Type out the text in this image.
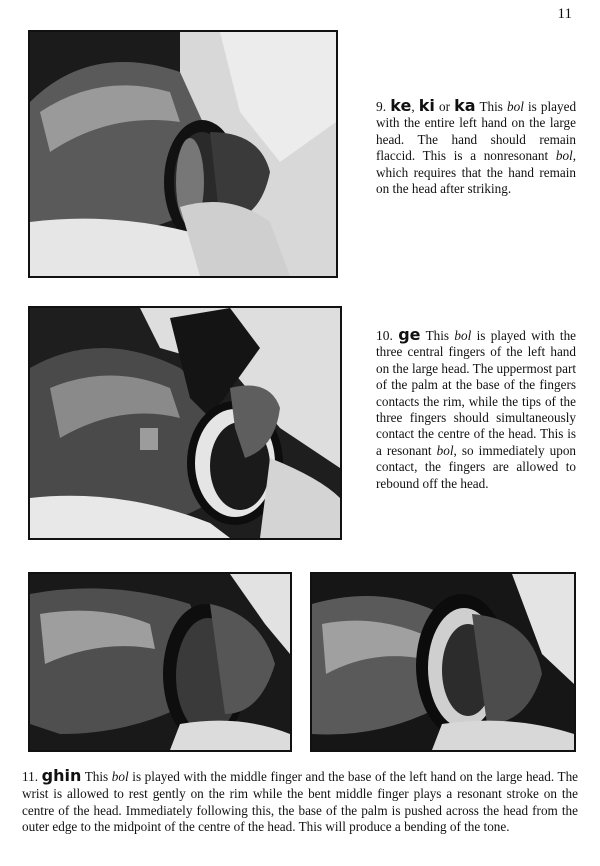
11
9. ke, ki or ka This bol is played with the entire left hand on the large head. The hand should remain flaccid. This is a nonresonant bol, which requires that the hand remain on the head after striking.
10. ge This bol is played with the three central fingers of the left hand on the large head. The uppermost part of the palm at the base of the fingers contacts the rim, while the tips of the three fingers should simultaneously contact the centre of the head. This is a resonant bol, so immediately upon contact, the fingers are allowed to rebound off the head.
11. ghin This bol is played with the middle finger and the base of the left hand on the large head. The wrist is allowed to rest gently on the rim while the bent middle finger plays a resonant stroke on the centre of the head. Immediately following this, the base of the palm is pushed across the head from the outer edge to the midpoint of the centre of the head. This will produce a bending of the tone.
